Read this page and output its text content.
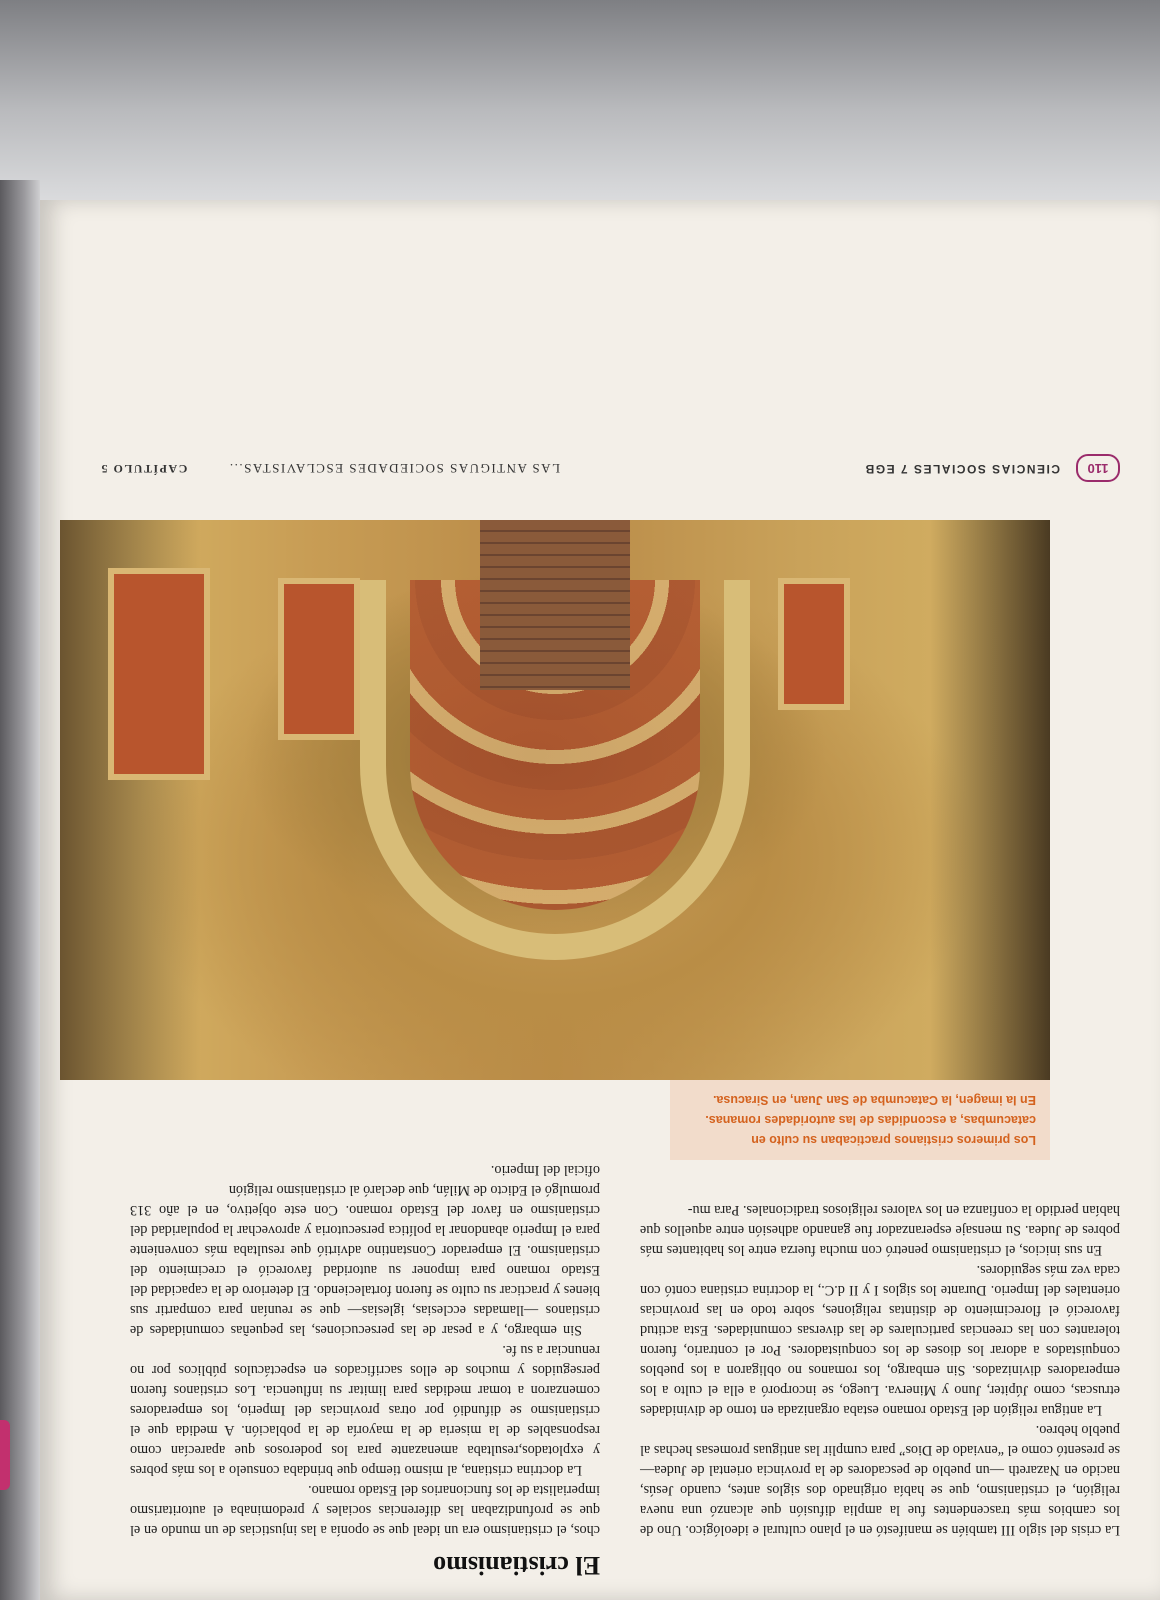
110
CIENCIAS SOCIALES 7 EGB
LAS ANTIGUAS SOCIEDADES ESCLAVISTAS...
CAPÍTULO 5
El cristianismo

chos, el cristianismo era un ideal que se oponía a las injusticias de un mundo en el que se profundizaban las diferencias sociales y predominaba el autoritarismo imperialista de los funcionarios del Estado romano.

La doctrina cristiana, al mismo tiempo que brindaba consuelo a los más pobres y explotados,resultaba amenazante para los poderosos que aparecían como responsables de la miseria de la mayoría de la población. A medida que el cristianismo se difundió por otras provincias del Imperio, los emperadores comenzaron a tomar medidas para limitar su influencia. Los cristianos fueron perseguidos y muchos de ellos sacrificados en espectáculos públicos por no renunciar a su fe.

Sin embargo, y a pesar de las persecuciones, las pequeñas comunidades de cristianos —llamadas ecclesias, iglesias— que se reunían para compartir sus bienes y practicar su culto se fueron fortaleciendo. El deterioro de la capacidad del Estado romano para imponer su autoridad favoreció el crecimiento del cristianismo. El emperador Constantino advirtió que resultaba más conveniente para el Imperio abandonar la política persecutoria y aprovechar la popularidad del cristianismo en favor del Estado romano. Con este objetivo, en el año 313 promulgó el Edicto de Milán, que declaró al cristianismo religión

oficial del Imperio.

La crisis del siglo III también se manifestó en el plano cultural e ideológico. Uno de los cambios más trascendentes fue la amplia difusión que alcanzó una nueva religión, el cristianismo, que se había originado dos siglos antes, cuando Jesús, nacido en Nazareth —un pueblo de pescadores de la provincia oriental de Judea— se presentó como el “enviado de Dios” para cumplir las antiguas promesas hechas al pueblo hebreo.

La antigua religión del Estado romano estaba organizada en torno de divinidades etruscas, como Júpiter, Juno y Minerva. Luego, se incorporó a ella el culto a los emperadores divinizados. Sin embargo, los romanos no obligaron a los pueblos conquistados a adorar los dioses de los conquistadores. Por el contrario, fueron tolerantes con las creencias particulares de las diversas comunidades. Esta actitud favoreció el florecimiento de distintas religiones, sobre todo en las provincias orientales del Imperio. Durante los siglos I y II d.C., la doctrina cristiana contó con cada vez más seguidores.

En sus inicios, el cristianismo penetró con mucha fuerza entre los habitantes más pobres de Judea. Su mensaje esperanzador fue ganando adhesión entre aquellos que habían perdido la confianza en los valores religiosos tradicionales. Para mu-

Los primeros cristianos practicaban su culto en
catacumbas, a escondidas de las autoridades romanas.
En la imagen, la Catacumba de San Juan, en Siracusa.
